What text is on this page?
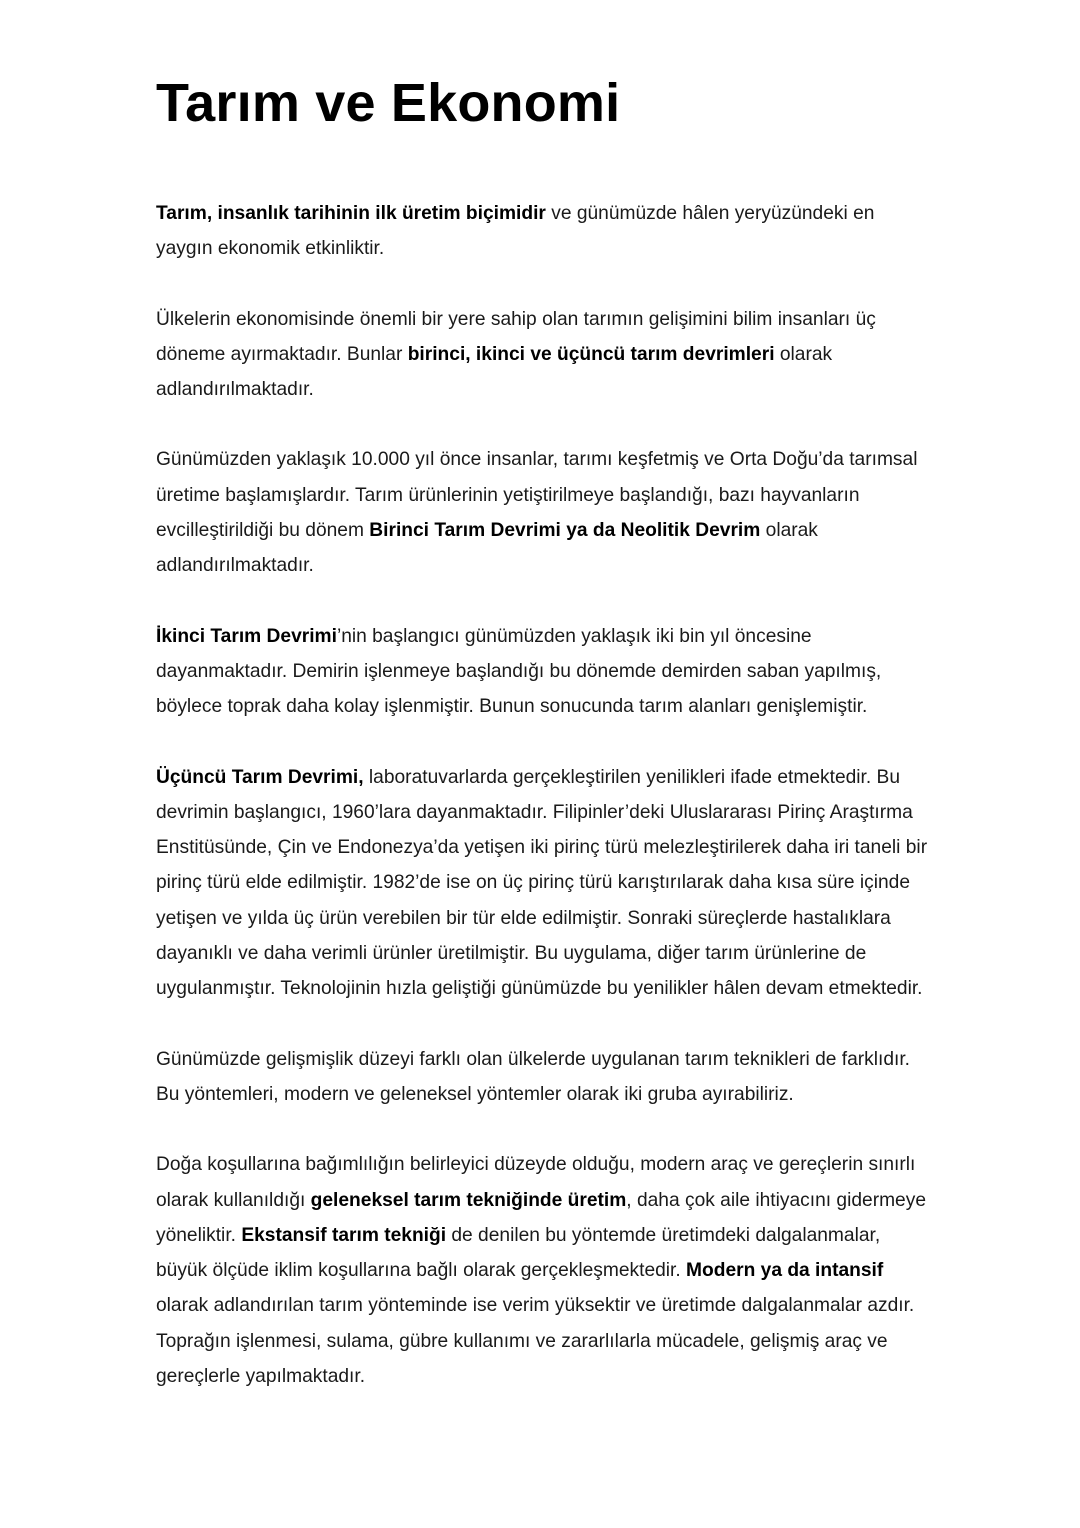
Tarım ve Ekonomi

Tarım, insanlık tarihinin ilk üretim biçimidir ve günümüzde hâlen yeryüzündeki en yaygın ekonomik etkinliktir.

Ülkelerin ekonomisinde önemli bir yere sahip olan tarımın gelişimini bilim insanları üç döneme ayırmaktadır. Bunlar birinci, ikinci ve üçüncü tarım devrimleri olarak adlandırılmaktadır.

Günümüzden yaklaşık 10.000 yıl önce insanlar, tarımı keşfetmiş ve Orta Doğu’da tarımsal üretime başlamışlardır. Tarım ürünlerinin yetiştirilmeye başlandığı, bazı hayvanların evcilleştirildiği bu dönem Birinci Tarım Devrimi ya da Neolitik Devrim olarak adlandırılmaktadır.

İkinci Tarım Devrimi’nin başlangıcı günümüzden yaklaşık iki bin yıl öncesine dayanmaktadır. Demirin işlenmeye başlandığı bu dönemde demirden saban yapılmış, böylece toprak daha kolay işlenmiştir. Bunun sonucunda tarım alanları genişlemiştir.

Üçüncü Tarım Devrimi, laboratuvarlarda gerçekleştirilen yenilikleri ifade etmektedir. Bu devrimin başlangıcı, 1960’lara dayanmaktadır. Filipinler’deki Uluslararası Pirinç Araştırma Enstitüsünde, Çin ve Endonezya’da yetişen iki pirinç türü melezleştirilerek daha iri taneli bir pirinç türü elde edilmiştir. 1982’de ise on üç pirinç türü karıştırılarak daha kısa süre içinde yetişen ve yılda üç ürün verebilen bir tür elde edilmiştir. Sonraki süreçlerde hastalıklara dayanıklı ve daha verimli ürünler üretilmiştir. Bu uygulama, diğer tarım ürünlerine de uygulanmıştır. Teknolojinin hızla geliştiği günümüzde bu yenilikler hâlen devam etmektedir.

Günümüzde gelişmişlik düzeyi farklı olan ülkelerde uygulanan tarım teknikleri de farklıdır. Bu yöntemleri, modern ve geleneksel yöntemler olarak iki gruba ayırabiliriz.

Doğa koşullarına bağımlılığın belirleyici düzeyde olduğu, modern araç ve gereçlerin sınırlı olarak kullanıldığı geleneksel tarım tekniğinde üretim, daha çok aile ihtiyacını gidermeye yöneliktir. Ekstansif tarım tekniği de denilen bu yöntemde üretimdeki dalgalanmalar, büyük ölçüde iklim koşullarına bağlı olarak gerçekleşmektedir. Modern ya da intansif olarak adlandırılan tarım yönteminde ise verim yüksektir ve üretimde dalgalanmalar azdır. Toprağın işlenmesi, sulama, gübre kullanımı ve zararlılarla mücadele, gelişmiş araç ve gereçlerle yapılmaktadır.
